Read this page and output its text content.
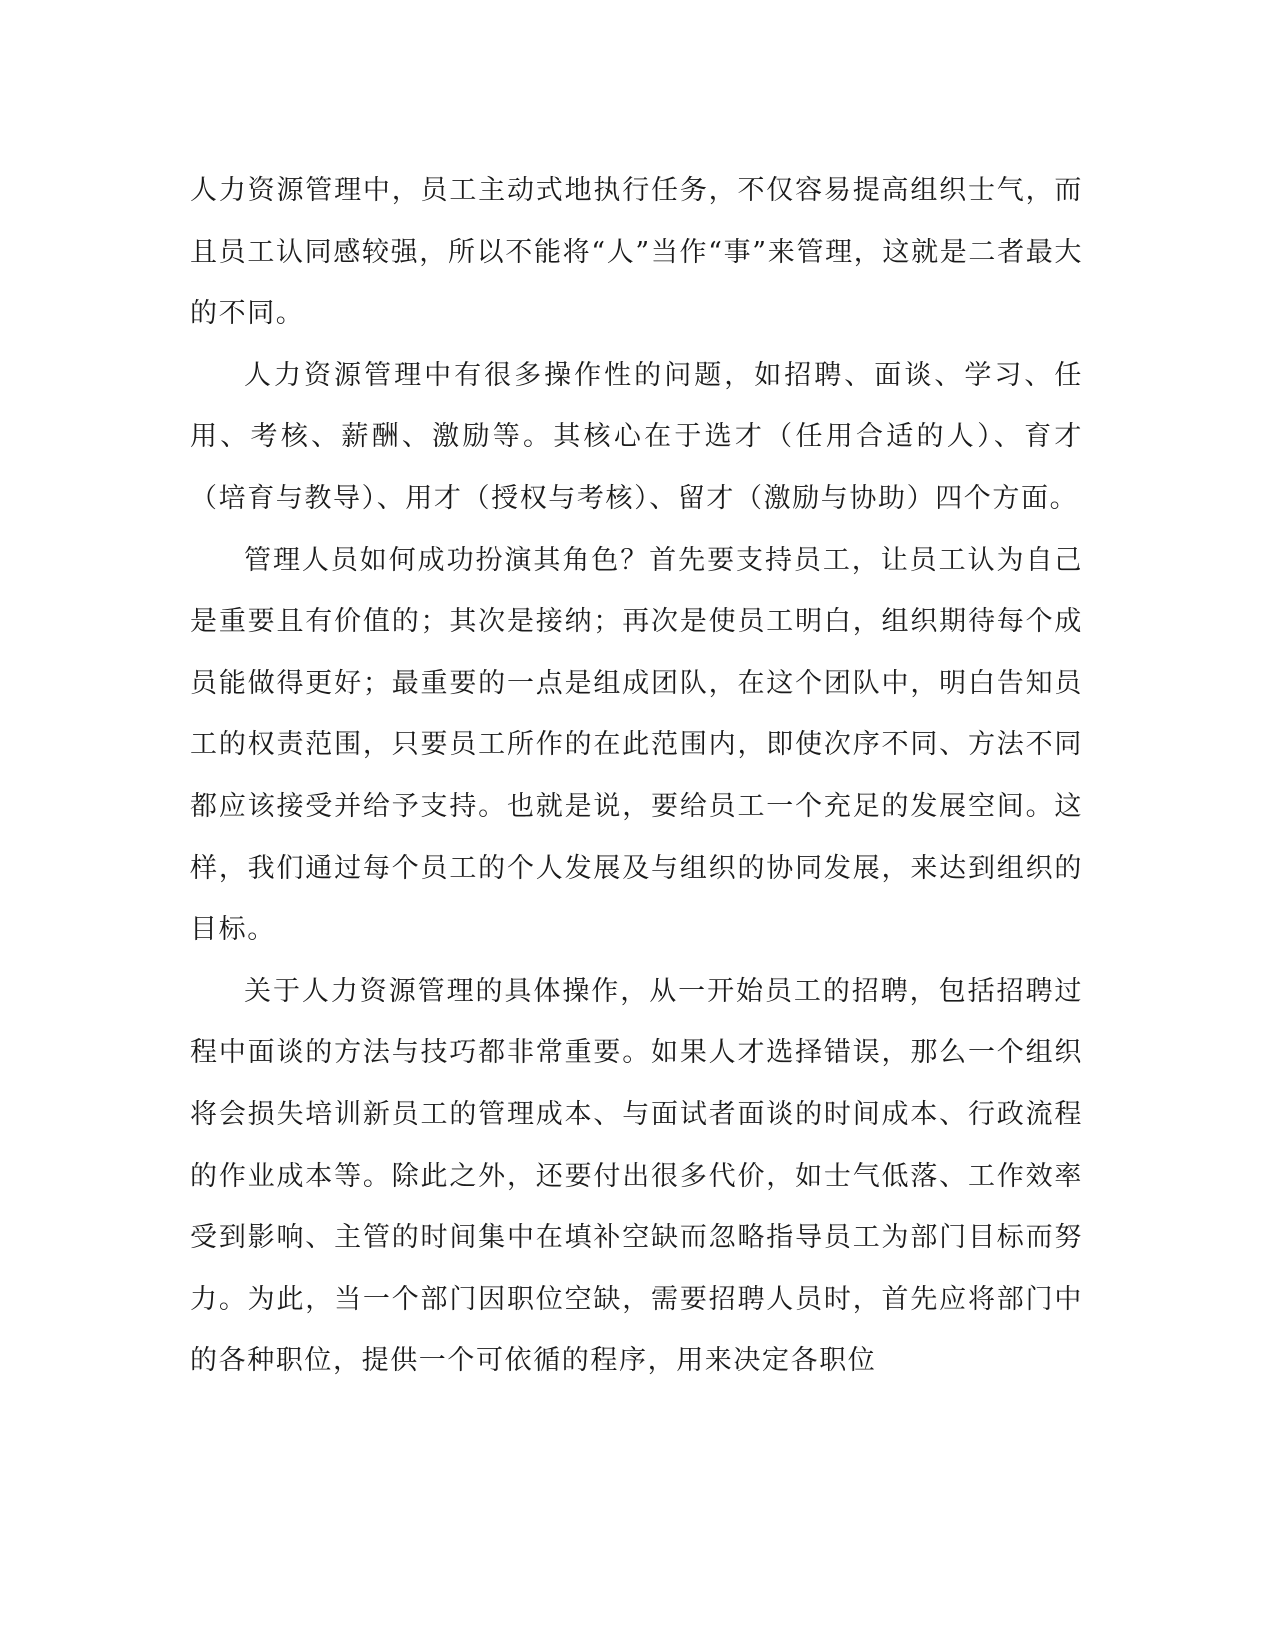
人力资源管理中，员工主动式地执行任务，不仅容易提高组织士气，而且员工认同感较强，所以不能将“人”当作“事”来管理，这就是二者最大的不同。

人力资源管理中有很多操作性的问题，如招聘、面谈、学习、任用、考核、薪酬、激励等。其核心在于选才（任用合适的人）、育才（培育与教导）、用才（授权与考核）、留才（激励与协助）四个方面。

管理人员如何成功扮演其角色？首先要支持员工，让员工认为自己是重要且有价值的；其次是接纳；再次是使员工明白，组织期待每个成员能做得更好；最重要的一点是组成团队，在这个团队中，明白告知员工的权责范围，只要员工所作的在此范围内，即使次序不同、方法不同都应该接受并给予支持。也就是说，要给员工一个充足的发展空间。这样，我们通过每个员工的个人发展及与组织的协同发展，来达到组织的目标。

关于人力资源管理的具体操作，从一开始员工的招聘，包括招聘过程中面谈的方法与技巧都非常重要。如果人才选择错误，那么一个组织将会损失培训新员工的管理成本、与面试者面谈的时间成本、行政流程的作业成本等。除此之外，还要付出很多代价，如士气低落、工作效率受到影响、主管的时间集中在填补空缺而忽略指导员工为部门目标而努力。为此，当一个部门因职位空缺，需要招聘人员时，首先应将部门中的各种职位，提供一个可依循的程序，用来决定各职位
